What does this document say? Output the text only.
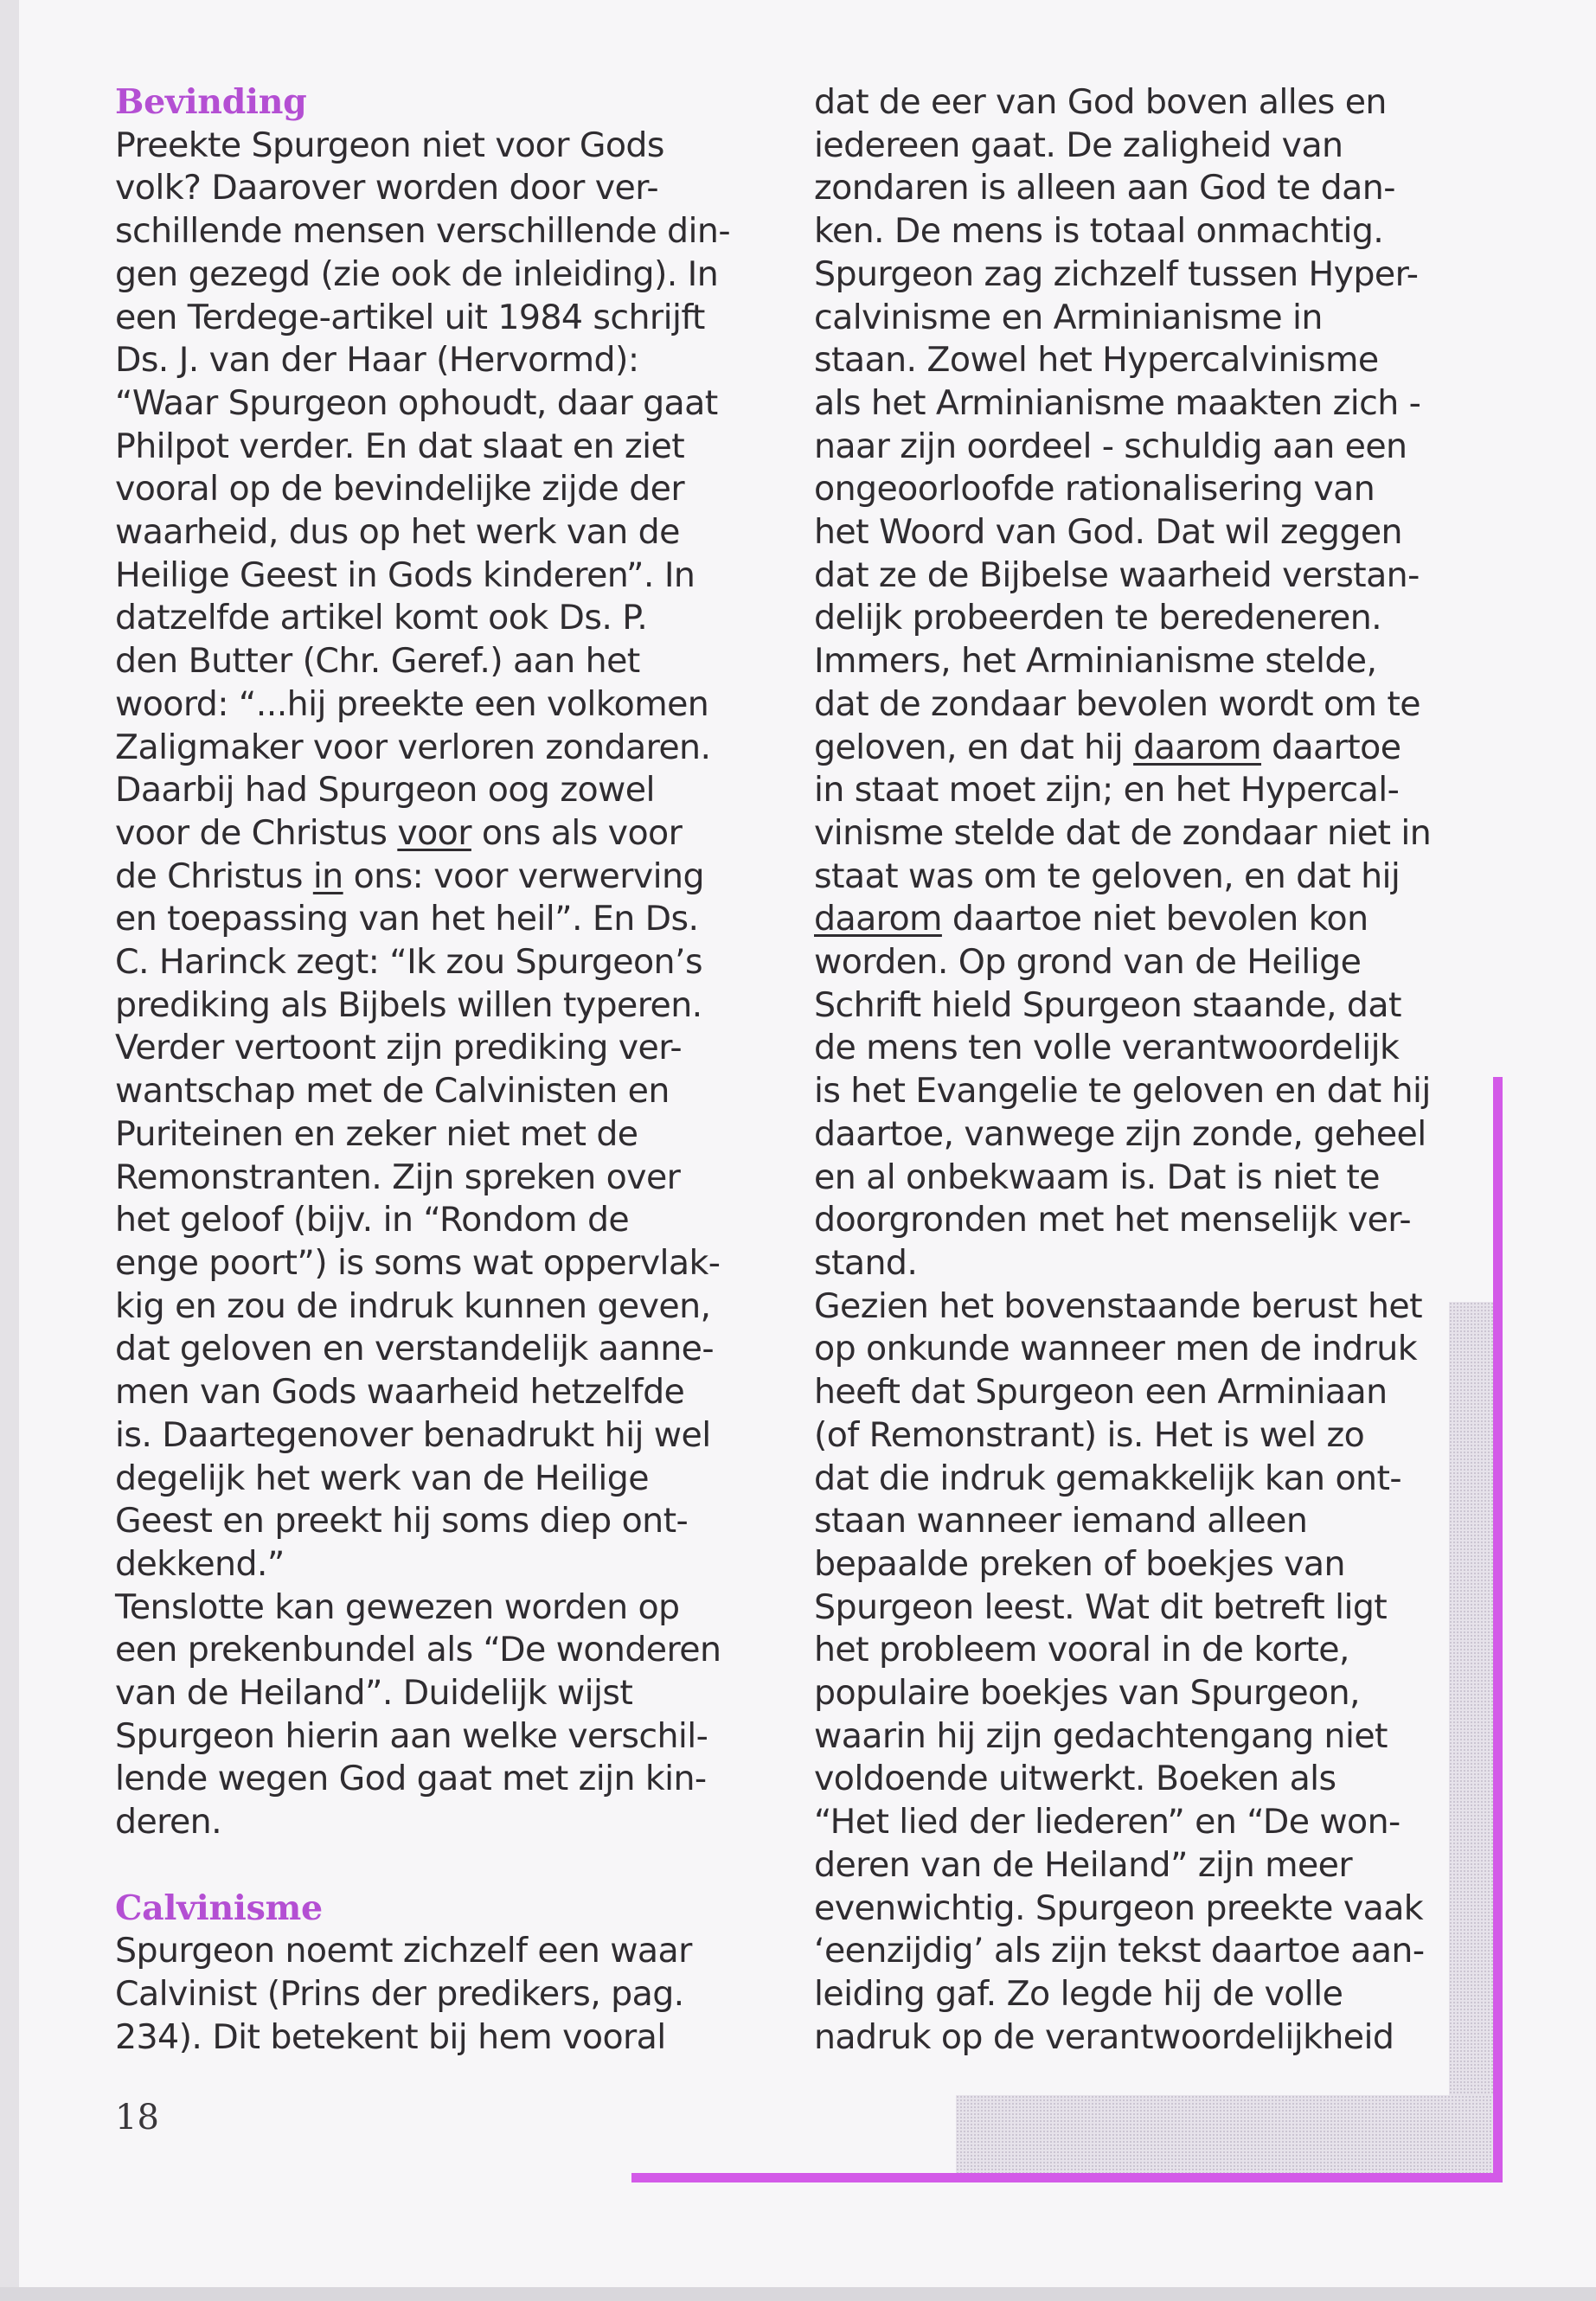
Bevinding
Preekte Spurgeon niet voor Gods
volk? Daarover worden door ver-
schillende mensen verschillende din-
gen gezegd (zie ook de inleiding). In
een Terdege-artikel uit 1984 schrijft
Ds. J. van der Haar (Hervormd):
“Waar Spurgeon ophoudt, daar gaat
Philpot verder. En dat slaat en ziet
vooral op de bevindelijke zijde der
waarheid, dus op het werk van de
Heilige Geest in Gods kinderen”. In
datzelfde artikel komt ook Ds. P.
den Butter (Chr. Geref.) aan het
woord: “...hij preekte een volkomen
Zaligmaker voor verloren zondaren.
Daarbij had Spurgeon oog zowel
voor de Christus voor ons als voor
de Christus in ons: voor verwerving
en toepassing van het heil”. En Ds.
C. Harinck zegt: “Ik zou Spurgeon’s
prediking als Bijbels willen typeren.
Verder vertoont zijn prediking ver-
wantschap met de Calvinisten en
Puriteinen en zeker niet met de
Remonstranten. Zijn spreken over
het geloof (bijv. in “Rondom de
enge poort”) is soms wat oppervlak-
kig en zou de indruk kunnen geven,
dat geloven en verstandelijk aanne-
men van Gods waarheid hetzelfde
is. Daartegenover benadrukt hij wel
degelijk het werk van de Heilige
Geest en preekt hij soms diep ont-
dekkend.”
Tenslotte kan gewezen worden op
een prekenbundel als “De wonderen
van de Heiland”. Duidelijk wijst
Spurgeon hierin aan welke verschil-
lende wegen God gaat met zijn kin-
deren.
Calvinisme
Spurgeon noemt zichzelf een waar
Calvinist (Prins der predikers, pag.
234). Dit betekent bij hem vooral
dat de eer van God boven alles en
iedereen gaat. De zaligheid van
zondaren is alleen aan God te dan-
ken. De mens is totaal onmachtig.
Spurgeon zag zichzelf tussen Hyper-
calvinisme en Arminianisme in
staan. Zowel het Hypercalvinisme
als het Arminianisme maakten zich -
naar zijn oordeel - schuldig aan een
ongeoorloofde rationalisering van
het Woord van God. Dat wil zeggen
dat ze de Bijbelse waarheid verstan-
delijk probeerden te beredeneren.
Immers, het Arminianisme stelde,
dat de zondaar bevolen wordt om te
geloven, en dat hij daarom daartoe
in staat moet zijn; en het Hypercal-
vinisme stelde dat de zondaar niet in
staat was om te geloven, en dat hij
daarom daartoe niet bevolen kon
worden. Op grond van de Heilige
Schrift hield Spurgeon staande, dat
de mens ten volle verantwoordelijk
is het Evangelie te geloven en dat hij
daartoe, vanwege zijn zonde, geheel
en al onbekwaam is. Dat is niet te
doorgronden met het menselijk ver-
stand.
Gezien het bovenstaande berust het
op onkunde wanneer men de indruk
heeft dat Spurgeon een Arminiaan
(of Remonstrant) is. Het is wel zo
dat die indruk gemakkelijk kan ont-
staan wanneer iemand alleen
bepaalde preken of boekjes van
Spurgeon leest. Wat dit betreft ligt
het probleem vooral in de korte,
populaire boekjes van Spurgeon,
waarin hij zijn gedachtengang niet
voldoende uitwerkt. Boeken als
“Het lied der liederen” en “De won-
deren van de Heiland” zijn meer
evenwichtig. Spurgeon preekte vaak
‘eenzijdig’ als zijn tekst daartoe aan-
leiding gaf. Zo legde hij de volle
nadruk op de verantwoordelijkheid
18
